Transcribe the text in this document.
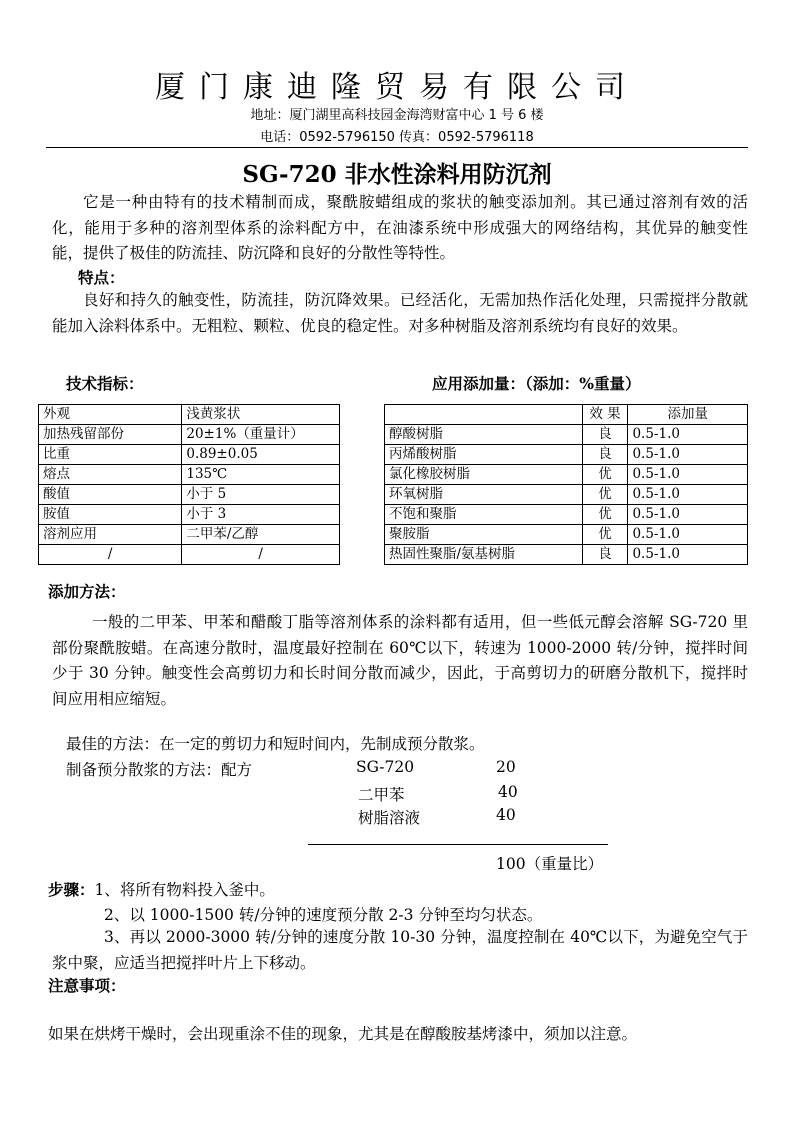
厦门康迪隆贸易有限公司
地址：厦门湖里高科技园金海湾财富中心 1 号 6 楼
电话：0592-5796150 传真：0592-5796118
SG-720 非水性涂料用防沉剂
它是一种由特有的技术精制而成，聚酰胺蜡组成的浆状的触变添加剂。其已通过溶剂有效的活化，能用于多种的溶剂型体系的涂料配方中，在油漆系统中形成强大的网络结构，其优异的触变性能，提供了极佳的防流挂、防沉降和良好的分散性等特性。
特点：
良好和持久的触变性，防流挂，防沉降效果。已经活化，无需加热作活化处理，只需搅拌分散就能加入涂料体系中。无粗粒、颗粒、优良的稳定性。对多种树脂及溶剂系统均有良好的效果。
技术指标：	应用添加量：（添加：%重量）
外观	浅黄浆状
加热残留部份	20±1%（重量计）
比重	0.89±0.05
熔点	135℃
酸值	小于 5
胺值	小于 3
溶剂应用	二甲苯/乙醇
/	/
	效 果	添加量
醇酸树脂	良	0.5-1.0
丙烯酸树脂	良	0.5-1.0
氯化橡胶树脂	优	0.5-1.0
环氧树脂	优	0.5-1.0
不饱和聚脂	优	0.5-1.0
聚胺脂	优	0.5-1.0
热固性聚脂/氨基树脂	良	0.5-1.0
添加方法：
一般的二甲苯、甲苯和醋酸丁脂等溶剂体系的涂料都有适用，但一些低元醇会溶解 SG-720 里部份聚酰胺蜡。在高速分散时，温度最好控制在 60℃以下，转速为 1000-2000 转/分钟，搅拌时间少于 30 分钟。触变性会高剪切力和长时间分散而减少，因此，于高剪切力的研磨分散机下，搅拌时间应用相应缩短。
最佳的方法：在一定的剪切力和短时间内，先制成预分散浆。
制备预分散浆的方法：配方	SG-720	20
二甲苯	40
树脂溶液	40
100（重量比）
步骤：1、将所有物料投入釜中。
2、以 1000-1500 转/分钟的速度预分散 2-3 分钟至均匀状态。
3、再以 2000-3000 转/分钟的速度分散 10-30 分钟，温度控制在 40℃以下，为避免空气于浆中聚，应适当把搅拌叶片上下移动。
注意事项：
如果在烘烤干燥时，会出现重涂不佳的现象，尤其是在醇酸胺基烤漆中，须加以注意。
